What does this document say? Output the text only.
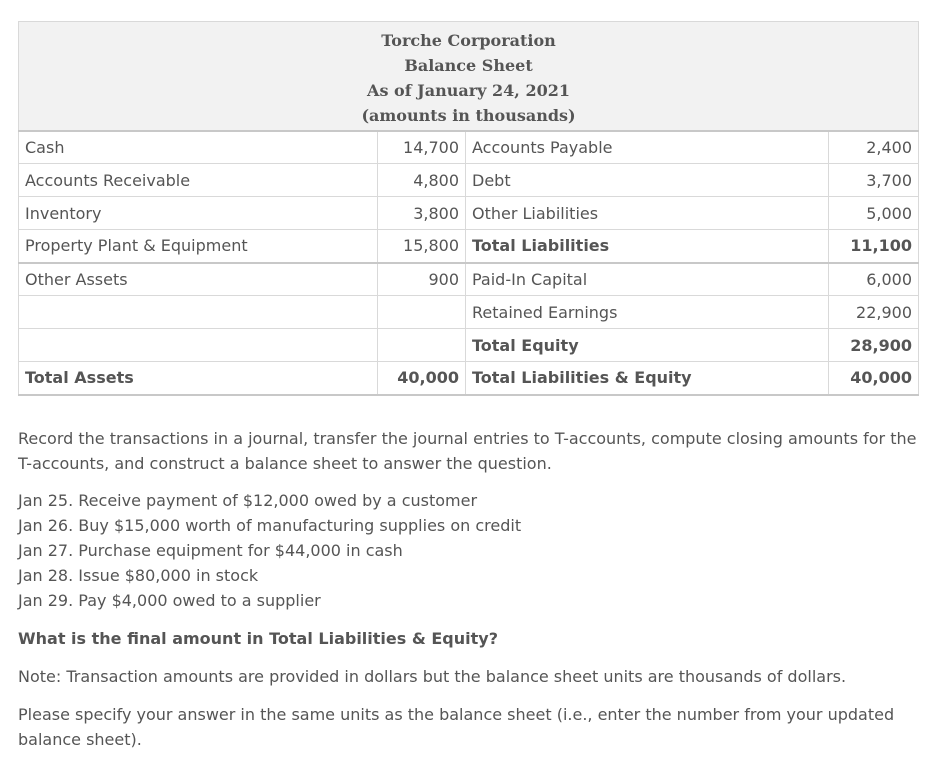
Torche Corporation
Balance Sheet
As of January 24, 2021
(amounts in thousands)			

Cash	14,700	Accounts Payable	2,400
Accounts Receivable	4,800	Debt	3,700
Inventory	3,800	Other Liabilities	5,000
Property Plant & Equipment	15,800	Total Liabilities	11,100
Other Assets	900	Paid-In Capital	6,000
		Retained Earnings	22,900
		Total Equity	28,900
Total Assets	40,000	Total Liabilities & Equity	40,000

Record the transactions in a journal, transfer the journal entries to T-accounts, compute closing amounts for the T-accounts, and construct a balance sheet to answer the question.

Jan 25. Receive payment of $12,000 owed by a customer

Jan 26. Buy $15,000 worth of manufacturing supplies on credit

Jan 27. Purchase equipment for $44,000 in cash

Jan 28. Issue $80,000 in stock

Jan 29. Pay $4,000 owed to a supplier

What is the final amount in Total Liabilities & Equity?

Note: Transaction amounts are provided in dollars but the balance sheet units are thousands of dollars.

Please specify your answer in the same units as the balance sheet (i.e., enter the number from your updated balance sheet).
